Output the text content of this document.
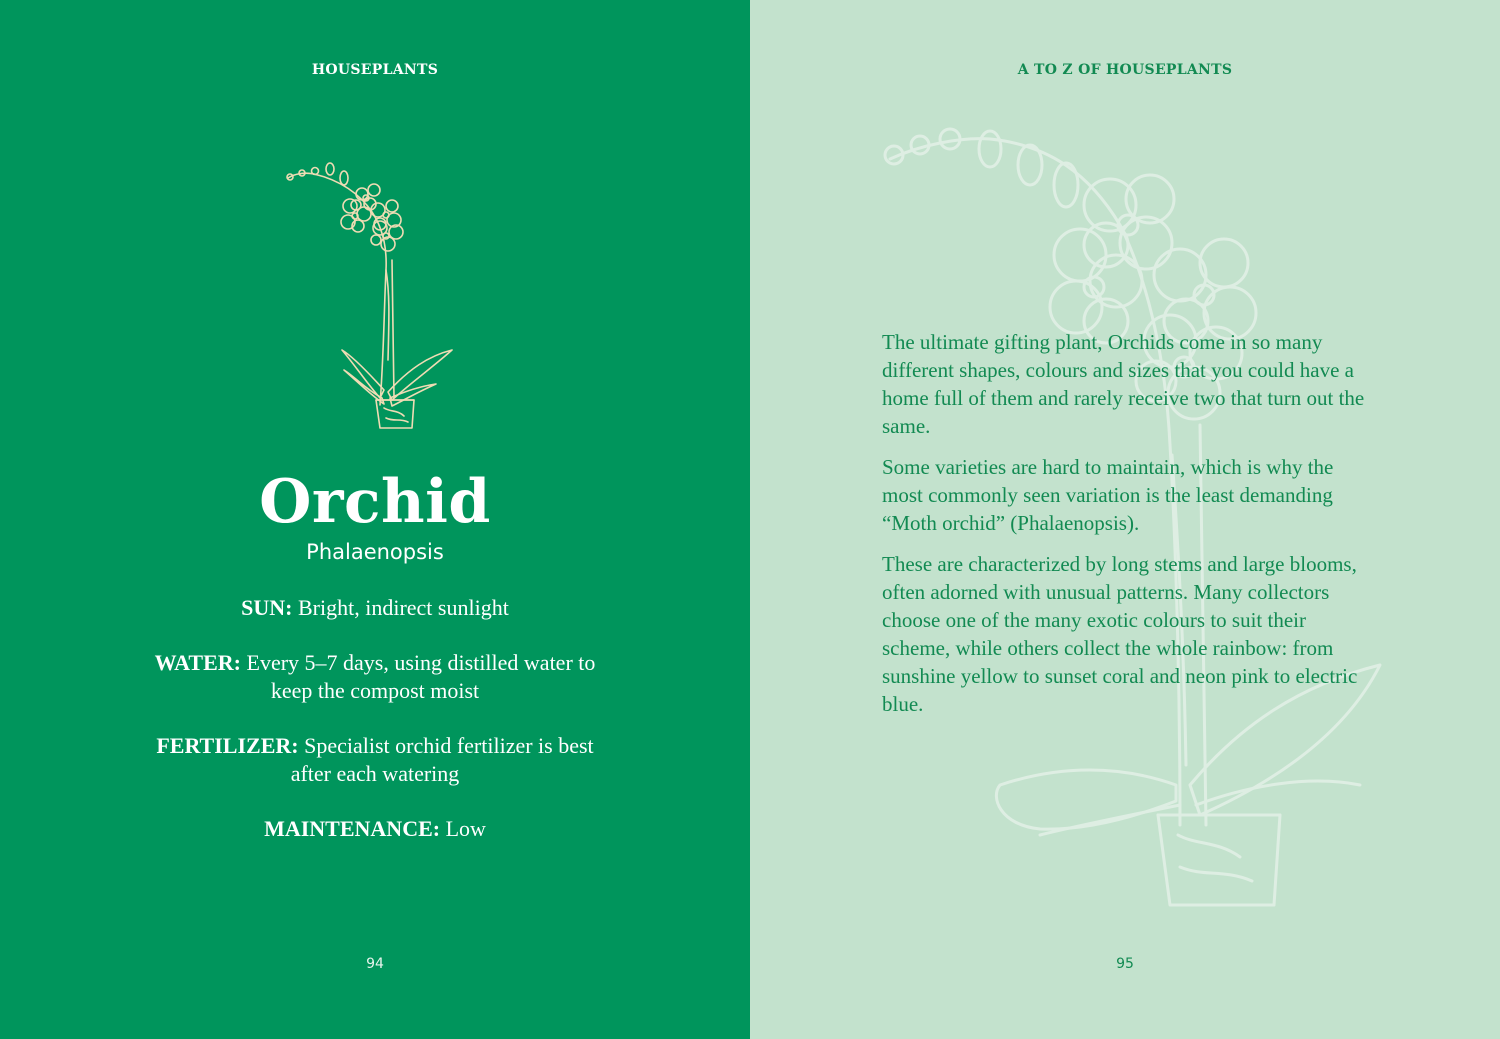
HOUSEPLANTS
Orchid
Phalaenopsis
SUN: Bright, indirect sunlight
WATER: Every 5–7 days, using distilled water to keep the compost moist
FERTILIZER: Specialist orchid fertilizer is best after each watering
MAINTENANCE: Low
94
A TO Z OF HOUSEPLANTS

The ultimate gifting plant, Orchids come in so many different shapes, colours and sizes that you could have a home full of them and rarely receive two that turn out the same.

Some varieties are hard to maintain, which is why the most commonly seen variation is the least demanding “Moth orchid” (Phalaenopsis).

These are characterized by long stems and large blooms, often adorned with unusual patterns. Many collectors choose one of the many exotic colours to suit their scheme, while others collect the whole rainbow: from sunshine yellow to sunset coral and neon pink to electric blue.

95
